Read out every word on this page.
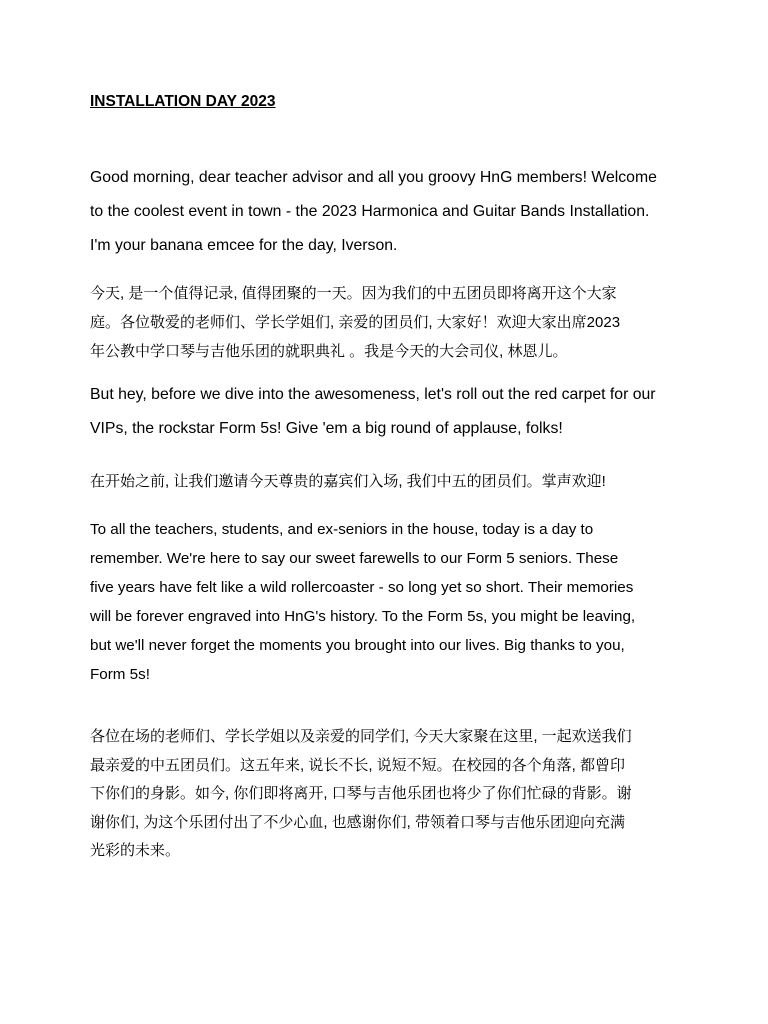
INSTALLATION DAY 2023

Good morning, dear teacher advisor and all you groovy HnG members! Welcome
to the coolest event in town - the 2023 Harmonica and Guitar Bands Installation.
I'm your banana emcee for the day, Iverson.

今天, 是一个值得记录, 值得团聚的一天。因为我们的中五团员即将离开这个大家
庭。各位敬爱的老师们、学长学姐们, 亲爱的团员们, 大家好！欢迎大家出席2023
年公教中学口琴与吉他乐团的就职典礼 。我是今天的大会司仪, 林恩儿。

But hey, before we dive into the awesomeness, let's roll out the red carpet for our
VIPs, the rockstar Form 5s! Give 'em a big round of applause, folks!

在开始之前, 让我们邀请今天尊贵的嘉宾们入场, 我们中五的团员们。掌声欢迎!

To all the teachers, students, and ex-seniors in the house, today is a day to
remember. We're here to say our sweet farewells to our Form 5 seniors. These
five years have felt like a wild rollercoaster - so long yet so short. Their memories
will be forever engraved into HnG's history. To the Form 5s, you might be leaving,
but we'll never forget the moments you brought into our lives. Big thanks to you,
Form 5s!

各位在场的老师们、学长学姐以及亲爱的同学们, 今天大家聚在这里, 一起欢送我们
最亲爱的中五团员们。这五年来, 说长不长, 说短不短。在校园的各个角落, 都曾印
下你们的身影。如今, 你们即将离开, 口琴与吉他乐团也将少了你们忙碌的背影。谢
谢你们, 为这个乐团付出了不少心血, 也感谢你们, 带领着口琴与吉他乐团迎向充满
光彩的未来。
